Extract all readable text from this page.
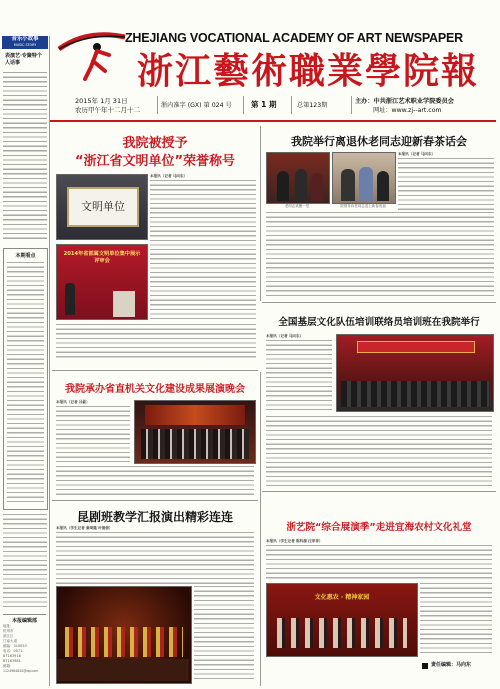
ZHEJIANG VOCATIONAL ACADEMY OF ART NEWSPAPER
浙江藝術職業學院報
2015年 1月 31日
农历甲午年十二月十二
浙内准字 (GX) 第 024 号	第 1 期	总第123期
主办：中共浙江艺术职业学院委员会
网址：www.zj--art.com
音乐小故事
MUSIC STORY
表演艺·专聚特个人话事
本期看点
本报编辑部
地址：
杭州市
滨江区
江南大道
邮编：310053
电话：0571-
87163916
87163981
邮箱：
1124984820@qq.com
我院被授予
“浙江省文明单位”荣誉称号
文明单位
2014年省部属文明单位集中展示评审会
本报讯（记者 马向东）
我院举行离退休老同志迎新春茶话会
老同志欢聚一堂	院领导向老同志送上新春祝福
本报讯（记者 马向东）
全国基层文化队伍培训联络员培训班在我院举行
本报讯（记者 马向东）
我院承办省直机关文化建设成果展演晚会
本报讯（记者 吕豪）
昆剧班教学汇报演出精彩连连
本报讯（学生记者 秦琦隆 叶倩倩）	浙艺院“综合展演季”走进宜海农村文化礼堂
本报讯（学生记者 陈科源 汪菲菲）
文化惠农 · 精神家园
责任编辑：马向东
